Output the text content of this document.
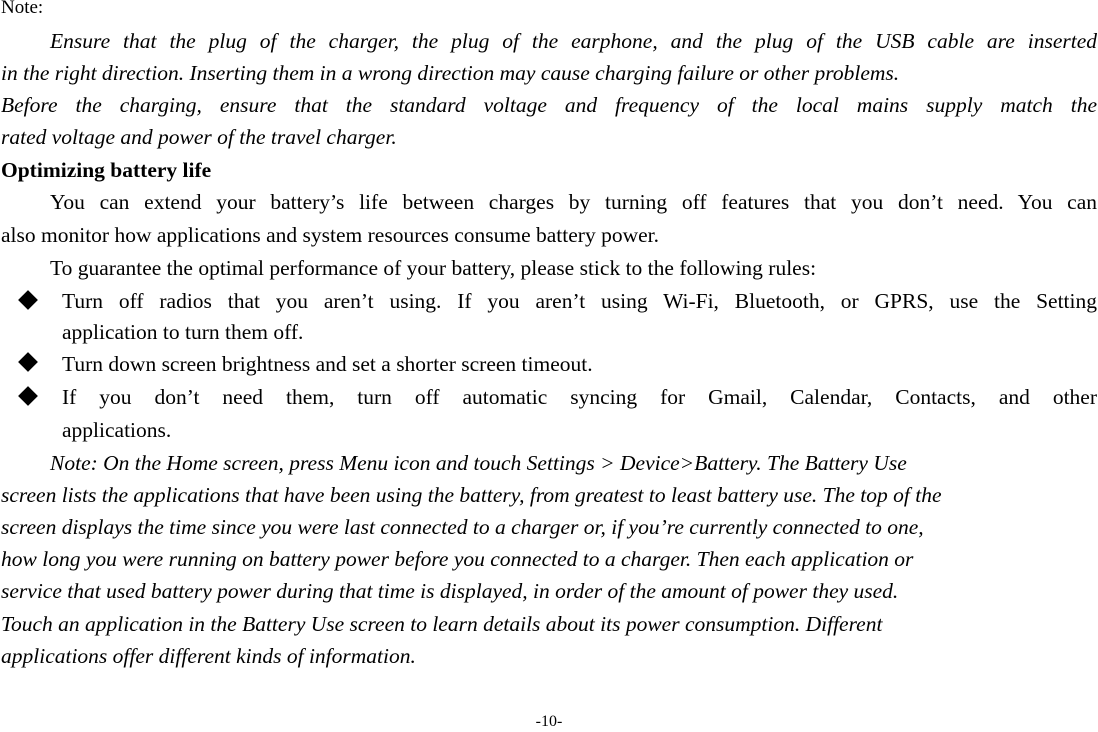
Note:
Ensure that the plug of the charger, the plug of the earphone, and the plug of the USB cable are inserted
in the right direction. Inserting them in a wrong direction may cause charging failure or other problems.
Before the charging, ensure that the standard voltage and frequency of the local mains supply match the
rated voltage and power of the travel charger.
Optimizing battery life
You can extend your battery’s life between charges by turning off features that you don’t need. You can
also monitor how applications and system resources consume battery power.
To guarantee the optimal performance of your battery, please stick to the following rules:
Turn off radios that you aren’t using. If you aren’t using Wi-Fi, Bluetooth, or GPRS, use the Setting
application to turn them off.
Turn down screen brightness and set a shorter screen timeout.
If you don’t need them, turn off automatic syncing for Gmail, Calendar, Contacts, and other
applications.
Note: On the Home screen, press Menu icon and touch Settings > Device>Battery. The Battery Use
screen lists the applications that have been using the battery, from greatest to least battery use. The top of the
screen displays the time since you were last connected to a charger or, if you’re currently connected to one,
how long you were running on battery power before you connected to a charger. Then each application or
service that used battery power during that time is displayed, in order of the amount of power they used.
Touch an application in the Battery Use screen to learn details about its power consumption. Different
applications offer different kinds of information.
-10-
